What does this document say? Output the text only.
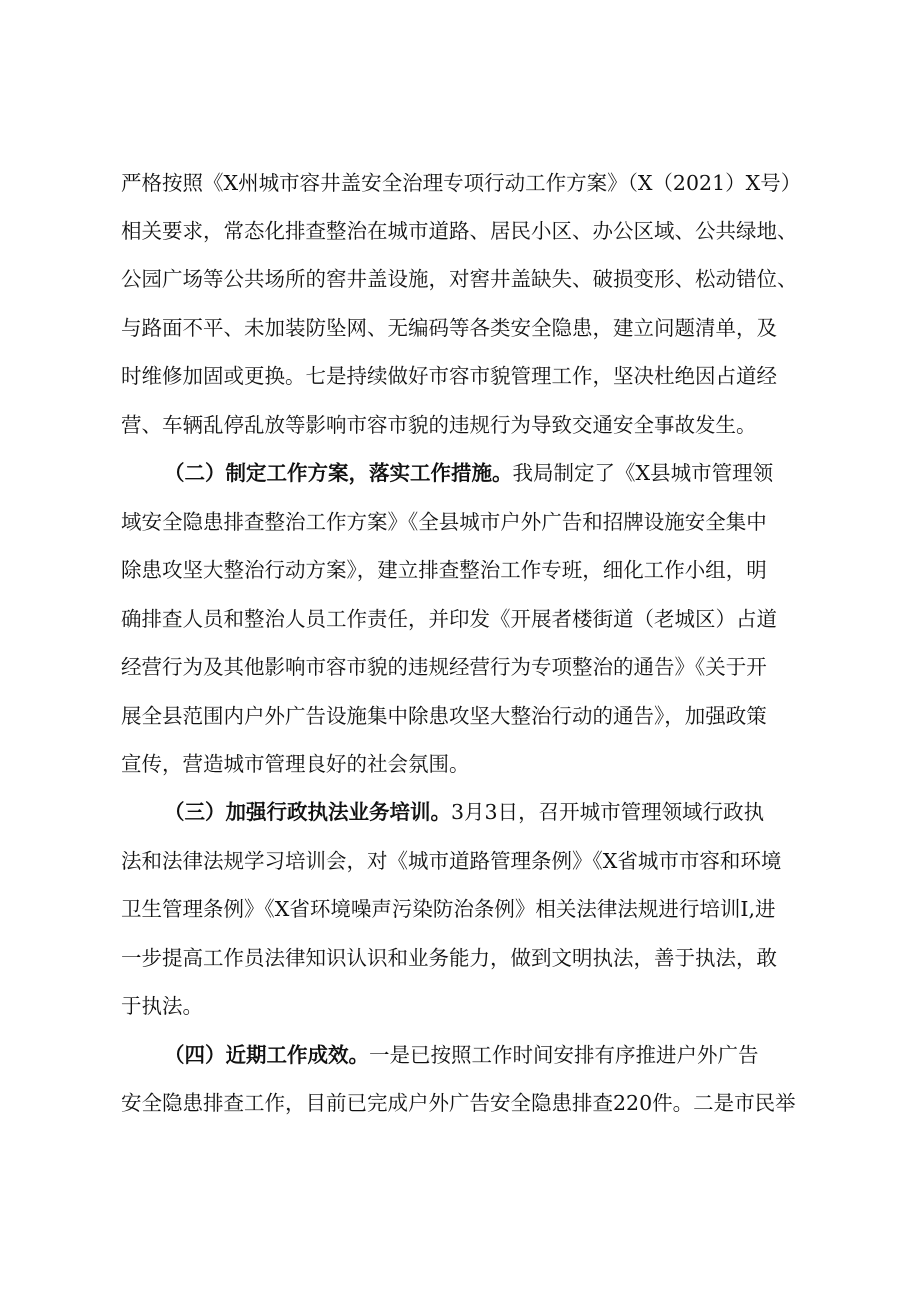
严格按照《X州城市容井盖安全治理专项行动工作方案》（X（2021）X号）
相关要求，常态化排查整治在城市道路、居民小区、办公区域、公共绿地、
公园广场等公共场所的窖井盖设施，对窖井盖缺失、破损变形、松动错位、
与路面不平、未加装防坠网、无编码等各类安全隐患，建立问题清单，及
时维修加固或更换。七是持续做好市容市貌管理工作，坚决杜绝因占道经
营、车辆乱停乱放等影响市容市貌的违规行为导致交通安全事故发生。
（二）制定工作方案，落实工作措施。我局制定了《X县城市管理领
域安全隐患排查整治工作方案》《全县城市户外广告和招牌设施安全集中
除患攻坚大整治行动方案》，建立排查整治工作专班，细化工作小组，明
确排查人员和整治人员工作责任，并印发《开展者楼街道（老城区）占道
经营行为及其他影响市容市貌的违规经营行为专项整治的通告》《关于开
展全县范围内户外广告设施集中除患攻坚大整治行动的通告》，加强政策
宣传，营造城市管理良好的社会氛围。
（三）加强行政执法业务培训。3月3日，召开城市管理领域行政执
法和法律法规学习培训会，对《城市道路管理条例》《X省城市市容和环境
卫生管理条例》《X省环境噪声污染防治条例》相关法律法规进行培训I,进
一步提高工作员法律知识认识和业务能力，做到文明执法，善于执法，敢
于执法。
（四）近期工作成效。一是已按照工作时间安排有序推进户外广告
安全隐患排查工作，目前已完成户外广告安全隐患排查220件。二是市民举
